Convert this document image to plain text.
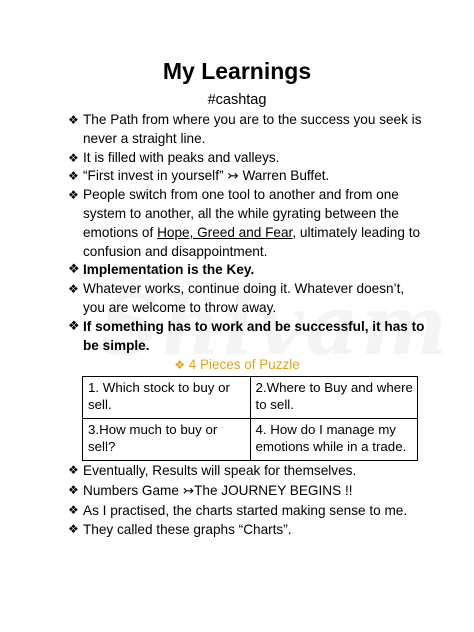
My Learnings
#cashtag

❖ The Path from where you are to the success you seek is never a straight line.

❖ It is filled with peaks and valleys.

❖ “First invest in yourself” ↣ Warren Buffet.

❖ People switch from one tool to another and from one system to another, all the while gyrating between the emotions of Hope, Greed and Fear, ultimately leading to confusion and disappointment.

❖ Implementation is the Key.

❖ Whatever works, continue doing it. Whatever doesn’t, you are welcome to throw away.

❖ If something has to work and be successful, it has to be simple.

❖ 4 Pieces of Puzzle
1. Which stock to buy or sell.	2.Where to Buy and where to sell.
3.How much to buy or sell?	4. How do I manage my emotions while in a trade.

❖ Eventually, Results will speak for themselves.

❖ Numbers Game ↣The JOURNEY BEGINS !!

❖ As I practised, the charts started making sense to me.

❖ They called these graphs “Charts”.
